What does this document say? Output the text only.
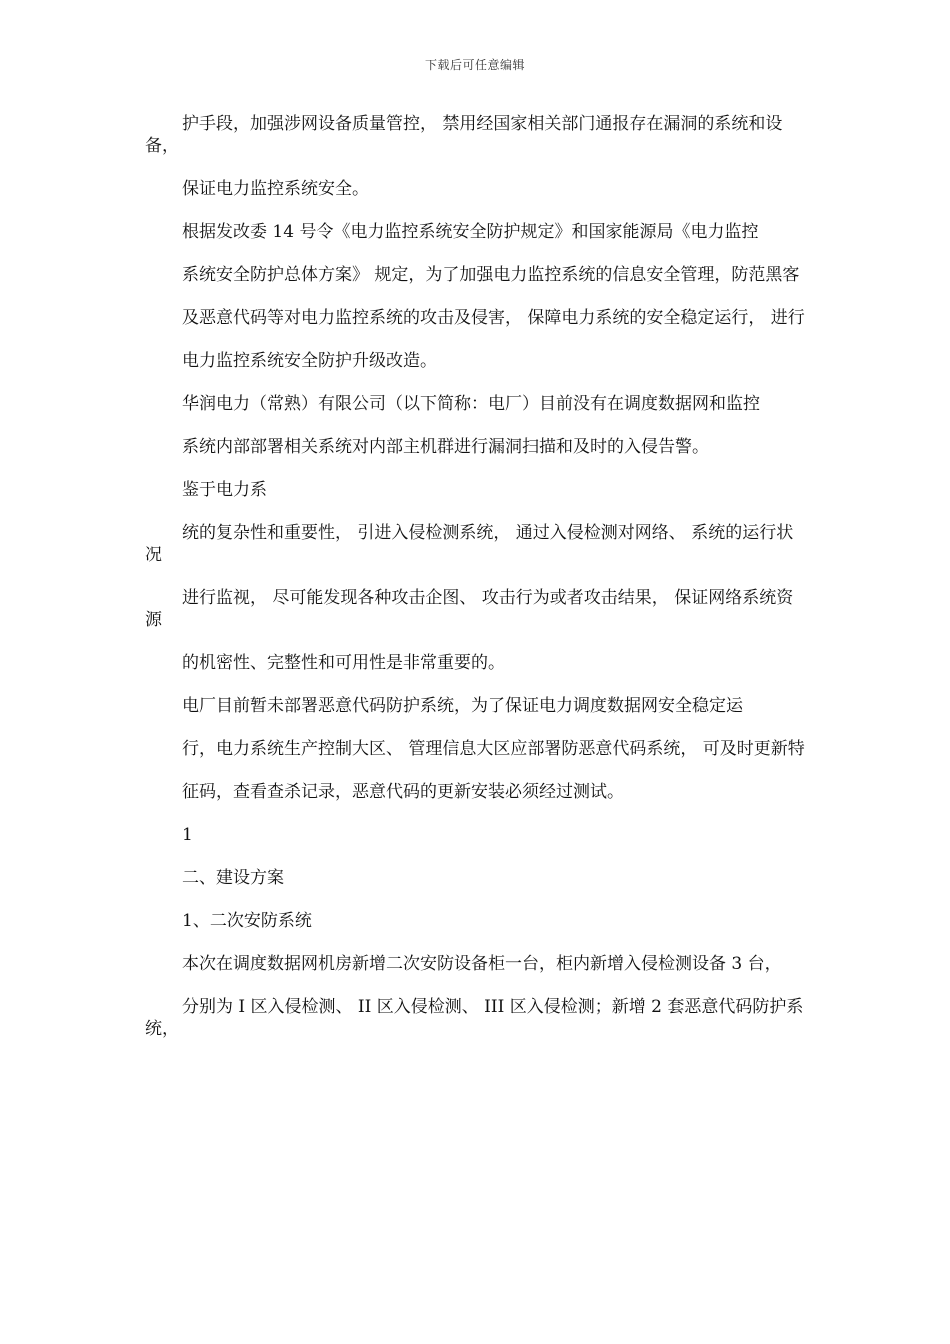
下载后可任意编辑

护手段，加强涉网设备质量管控， 禁用经国家相关部门通报存在漏洞的系统和设备，

保证电力监控系统安全。

根据发改委 14 号令《电力监控系统安全防护规定》和国家能源局《电力监控

系统安全防护总体方案》 规定，为了加强电力监控系统的信息安全管理，防范黑客

及恶意代码等对电力监控系统的攻击及侵害， 保障电力系统的安全稳定运行， 进行

电力监控系统安全防护升级改造。

华润电力（常熟）有限公司（以下简称：电厂）目前没有在调度数据网和监控

系统内部部署相关系统对内部主机群进行漏洞扫描和及时的入侵告警。

鉴于电力系

统的复杂性和重要性， 引进入侵检测系统， 通过入侵检测对网络、 系统的运行状况

进行监视， 尽可能发现各种攻击企图、 攻击行为或者攻击结果， 保证网络系统资源

的机密性、完整性和可用性是非常重要的。

电厂目前暂未部署恶意代码防护系统，为了保证电力调度数据网安全稳定运

行，电力系统生产控制大区、 管理信息大区应部署防恶意代码系统， 可及时更新特

征码，查看查杀记录，恶意代码的更新安装必须经过测试。

1

二、建设方案

1、二次安防系统

本次在调度数据网机房新增二次安防设备柜一台，柜内新增入侵检测设备 3 台，

分别为 I 区入侵检测、 II 区入侵检测、 III 区入侵检测；新增 2 套恶意代码防护系统，
